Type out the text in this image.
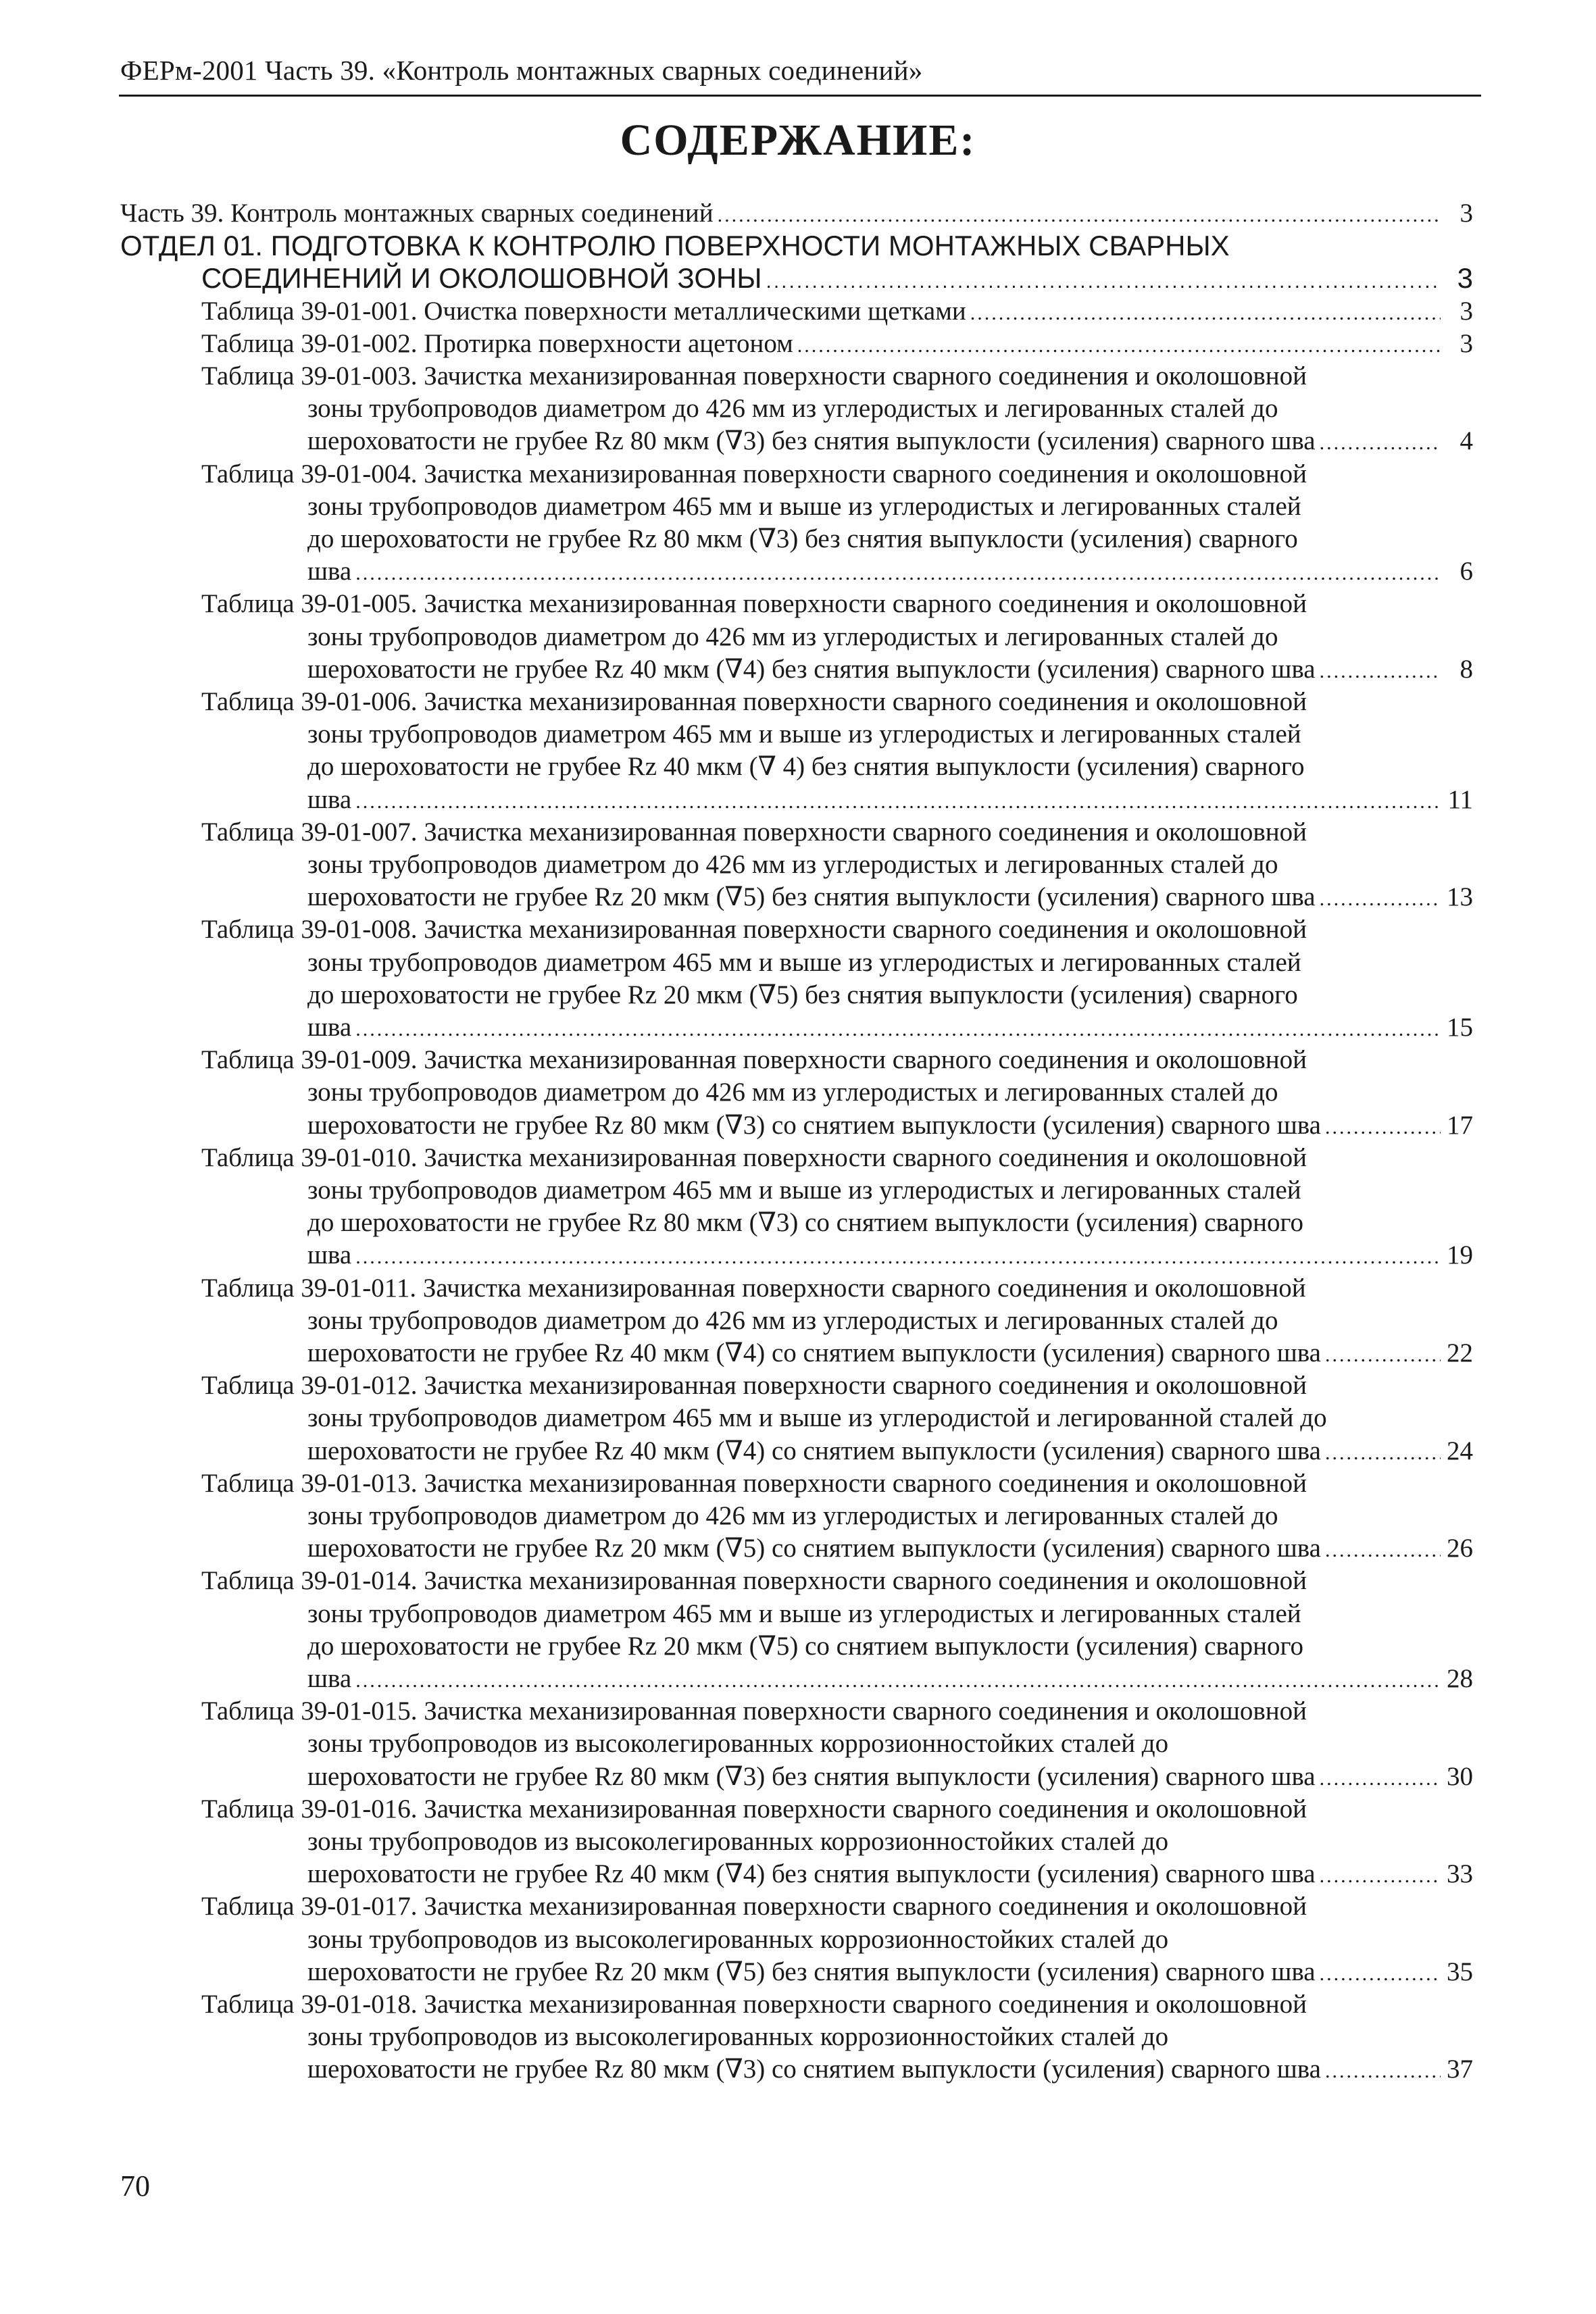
ФЕРм-2001 Часть 39. «Контроль монтажных сварных соединений»
СОДЕРЖАНИЕ:
Часть 39. Контроль монтажных сварных соединений .....	3
ОТДЕЛ 01. ПОДГОТОВКА К КОНТРОЛЮ ПОВЕРХНОСТИ МОНТАЖНЫХ СВАРНЫХ
СОЕДИНЕНИЙ И ОКОЛОШОВНОЙ ЗОНЫ .....	3
Таблица 39-01-001. Очистка поверхности металлическими щетками .....	3
Таблица 39-01-002. Протирка поверхности ацетоном .....	3
Таблица 39-01-003. Зачистка механизированная поверхности сварного соединения и околошовной
зоны трубопроводов диаметром до 426 мм из углеродистых и легированных сталей до
шероховатости не грубее Rz 80 мкм (∇3) без снятия выпуклости (усиления) сварного шва .....	4
Таблица 39-01-004. Зачистка механизированная поверхности сварного соединения и околошовной
зоны трубопроводов диаметром 465 мм и выше из углеродистых и легированных сталей
до шероховатости не грубее Rz 80 мкм (∇3) без снятия выпуклости (усиления) сварного
шва .....	6
Таблица 39-01-005. Зачистка механизированная поверхности сварного соединения и околошовной
зоны трубопроводов диаметром до 426 мм из углеродистых и легированных сталей до
шероховатости не грубее Rz 40 мкм (∇4) без снятия выпуклости (усиления) сварного шва .....	8
Таблица 39-01-006. Зачистка механизированная поверхности сварного соединения и околошовной
зоны трубопроводов диаметром 465 мм и выше из углеродистых и легированных сталей
до шероховатости не грубее Rz 40 мкм (∇ 4) без снятия выпуклости (усиления) сварного
шва .....	11
Таблица 39-01-007. Зачистка механизированная поверхности сварного соединения и околошовной
зоны трубопроводов диаметром до 426 мм из углеродистых и легированных сталей до
шероховатости не грубее Rz 20 мкм (∇5) без снятия выпуклости (усиления) сварного шва .....	13
Таблица 39-01-008. Зачистка механизированная поверхности сварного соединения и околошовной
зоны трубопроводов диаметром 465 мм и выше из углеродистых и легированных сталей
до шероховатости не грубее Rz 20 мкм (∇5) без снятия выпуклости (усиления) сварного
шва .....	15
Таблица 39-01-009. Зачистка механизированная поверхности сварного соединения и околошовной
зоны трубопроводов диаметром до 426 мм из углеродистых и легированных сталей до
шероховатости не грубее Rz 80 мкм (∇3) со снятием выпуклости (усиления) сварного шва .....	17
Таблица 39-01-010. Зачистка механизированная поверхности сварного соединения и околошовной
зоны трубопроводов диаметром 465 мм и выше из углеродистых и легированных сталей
до шероховатости не грубее Rz 80 мкм (∇3) со снятием выпуклости (усиления) сварного
шва .....	19
Таблица 39-01-011. Зачистка механизированная поверхности сварного соединения и околошовной
зоны трубопроводов диаметром до 426 мм из углеродистых и легированных сталей до
шероховатости не грубее Rz 40 мкм (∇4) со снятием выпуклости (усиления) сварного шва .....	22
Таблица 39-01-012. Зачистка механизированная поверхности сварного соединения и околошовной
зоны трубопроводов диаметром 465 мм и выше из углеродистой и легированной сталей до
шероховатости не грубее Rz 40 мкм (∇4) со снятием выпуклости (усиления) сварного шва .....	24
Таблица 39-01-013. Зачистка механизированная поверхности сварного соединения и околошовной
зоны трубопроводов диаметром до 426 мм из углеродистых и легированных сталей до
шероховатости не грубее Rz 20 мкм (∇5) со снятием выпуклости (усиления) сварного шва .....	26
Таблица 39-01-014. Зачистка механизированная поверхности сварного соединения и околошовной
зоны трубопроводов диаметром 465 мм и выше из углеродистых и легированных сталей
до шероховатости не грубее Rz 20 мкм (∇5) со снятием выпуклости (усиления) сварного
шва .....	28
Таблица 39-01-015. Зачистка механизированная поверхности сварного соединения и околошовной
зоны трубопроводов из высоколегированных коррозионностойких сталей до
шероховатости не грубее Rz 80 мкм (∇3) без снятия выпуклости (усиления) сварного шва .....	30
Таблица 39-01-016. Зачистка механизированная поверхности сварного соединения и околошовной
зоны трубопроводов из высоколегированных коррозионностойких сталей до
шероховатости не грубее Rz 40 мкм (∇4) без снятия выпуклости (усиления) сварного шва .....	33
Таблица 39-01-017. Зачистка механизированная поверхности сварного соединения и околошовной
зоны трубопроводов из высоколегированных коррозионностойких сталей до
шероховатости не грубее Rz 20 мкм (∇5) без снятия выпуклости (усиления) сварного шва .....	35
Таблица 39-01-018. Зачистка механизированная поверхности сварного соединения и околошовной
зоны трубопроводов из высоколегированных коррозионностойких сталей до
шероховатости не грубее Rz 80 мкм (∇3) со снятием выпуклости (усиления) сварного шва .....	37
70
